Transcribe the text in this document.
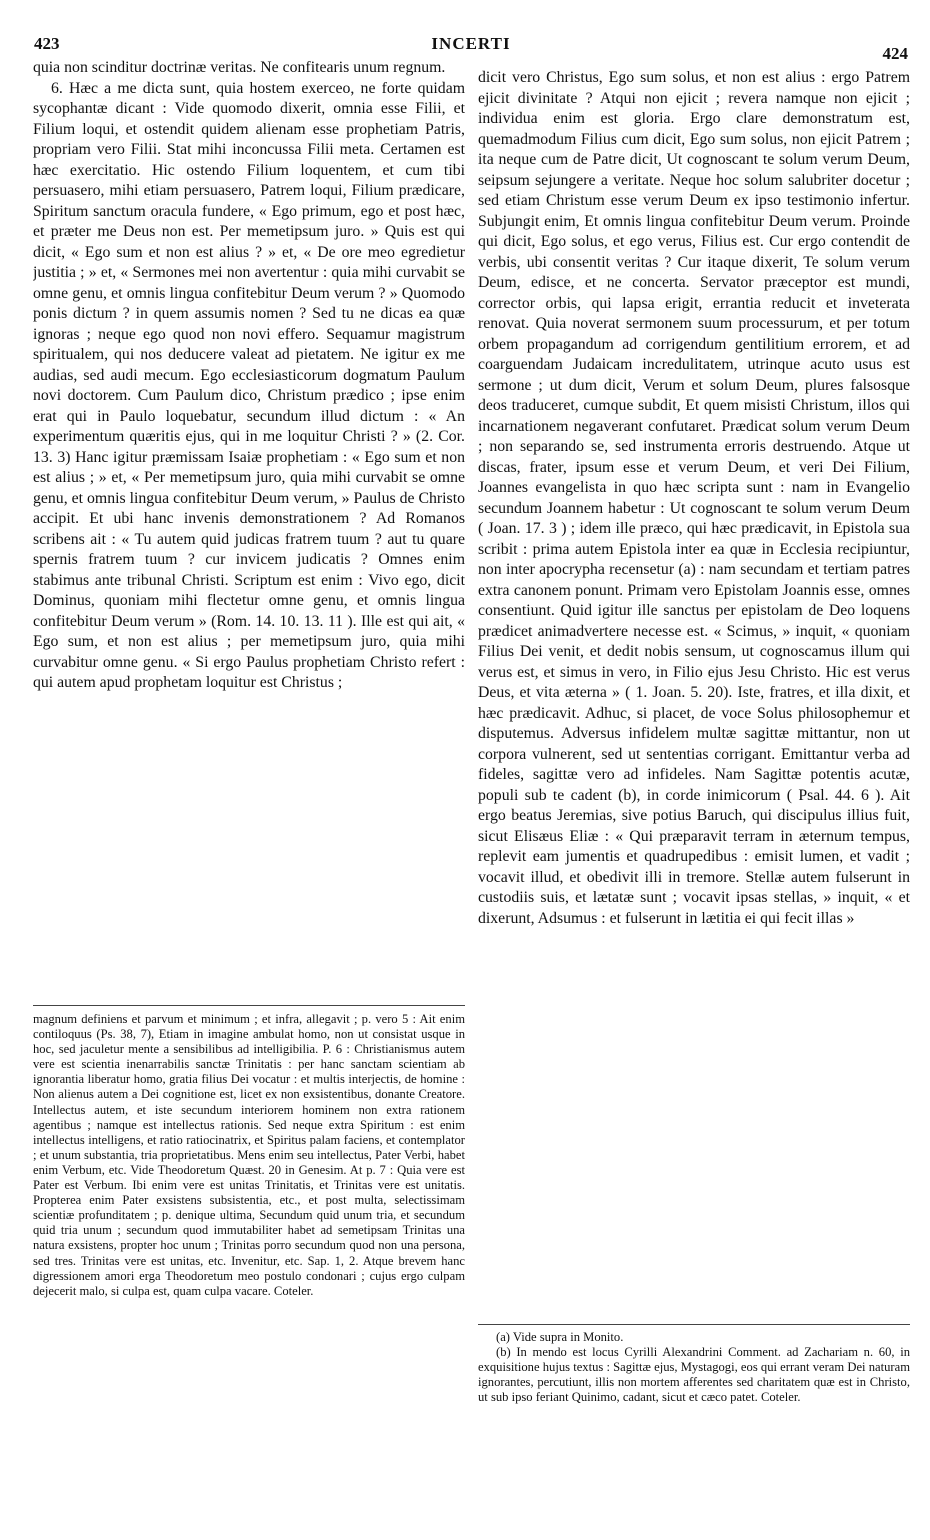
423	INCERTI
424

quia non scinditur doctrinæ veritas. Ne confitearis unum regnum.

6. Hæc a me dicta sunt, quia hostem exerceo, ne forte quidam sycophantæ dicant : Vide quomodo dixerit, omnia esse Filii, et Filium loqui, et ostendit quidem alienam esse prophetiam Patris, propriam vero Filii. Stat mihi inconcussa Filii meta. Certamen est hæc exercitatio. Hic ostendo Filium loquentem, et cum tibi persuasero, mihi etiam persuasero, Patrem loqui, Filium prædicare, Spiritum sanctum oracula fundere, « Ego primum, ego et post hæc, et præter me Deus non est. Per memetipsum juro. » Quis est qui dicit, « Ego sum et non est alius ? » et, « De ore meo egredietur justitia ; » et, « Sermones mei non avertentur : quia mihi curvabit se omne genu, et omnis lingua confitebitur Deum verum ? » Quomodo ponis dictum ? in quem assumis nomen ? Sed tu ne dicas ea quæ ignoras ; neque ego quod non novi effero. Sequamur magistrum spiritualem, qui nos deducere valeat ad pietatem. Ne igitur ex me audias, sed audi mecum. Ego ecclesiasticorum dogmatum Paulum novi doctorem. Cum Paulum dico, Christum prædico ; ipse enim erat qui in Paulo loquebatur, secundum illud dictum : « An experimentum quæritis ejus, qui in me loquitur Christi ? » (2. Cor. 13. 3) Hanc igitur præmissam Isaiæ prophetiam : « Ego sum et non est alius ; » et, « Per memetipsum juro, quia mihi curvabit se omne genu, et omnis lingua confitebitur Deum verum, » Paulus de Christo accipit. Et ubi hanc invenis demonstrationem ? Ad Romanos scribens ait : « Tu autem quid judicas fratrem tuum ? aut tu quare spernis fratrem tuum ? cur invicem judicatis ? Omnes enim stabimus ante tribunal Christi. Scriptum est enim : Vivo ego, dicit Dominus, quoniam mihi flectetur omne genu, et omnis lingua confitebitur Deum verum » (Rom. 14. 10. 13. 11 ). Ille est qui ait, « Ego sum, et non est alius ; per memetipsum juro, quia mihi curvabitur omne genu. « Si ergo Paulus prophetiam Christo refert : qui autem apud prophetam loquitur est Christus ;

dicit vero Christus, Ego sum solus, et non est alius : ergo Patrem ejicit divinitate ? Atqui non ejicit ; revera namque non ejicit ; individua enim est gloria. Ergo clare demonstratum est, quemadmodum Filius cum dicit, Ego sum solus, non ejicit Patrem ; ita neque cum de Patre dicit, Ut cognoscant te solum verum Deum, seipsum sejungere a veritate. Neque hoc solum salubriter docetur ; sed etiam Christum esse verum Deum ex ipso testimonio infertur. Subjungit enim, Et omnis lingua confitebitur Deum verum. Proinde qui dicit, Ego solus, et ego verus, Filius est. Cur ergo contendit de verbis, ubi consentit veritas ? Cur itaque dixerit, Te solum verum Deum, edisce, et ne concerta. Servator præceptor est mundi, corrector orbis, qui lapsa erigit, errantia reducit et inveterata renovat. Quia noverat sermonem suum processurum, et per totum orbem propagandum ad corrigendum gentilitium errorem, et ad coarguendam Judaicam incredulitatem, utrinque acuto usus est sermone ; ut dum dicit, Verum et solum Deum, plures falsosque deos traduceret, cumque subdit, Et quem misisti Christum, illos qui incarnationem negaverant confutaret. Prædicat solum verum Deum ; non separando se, sed instrumenta erroris destruendo. Atque ut discas, frater, ipsum esse et verum Deum, et veri Dei Filium, Joannes evangelista in quo hæc scripta sunt : nam in Evangelio secundum Joannem habetur : Ut cognoscant te solum verum Deum ( Joan. 17. 3 ) ; idem ille præco, qui hæc prædicavit, in Epistola sua scribit : prima autem Epistola inter ea quæ in Ecclesia recipiuntur, non inter apocrypha recensetur (a) : nam secundam et tertiam patres extra canonem ponunt. Primam vero Epistolam Joannis esse, omnes consentiunt. Quid igitur ille sanctus per epistolam de Deo loquens prædicet animadvertere necesse est. « Scimus, » inquit, « quoniam Filius Dei venit, et dedit nobis sensum, ut cognoscamus illum qui verus est, et simus in vero, in Filio ejus Jesu Christo. Hic est verus Deus, et vita æterna » ( 1. Joan. 5. 20). Iste, fratres, et illa dixit, et hæc prædicavit. Adhuc, si placet, de voce Solus philosophemur et disputemus. Adversus infidelem multæ sagittæ mittantur, non ut corpora vulnerent, sed ut sententias corrigant. Emittantur verba ad fideles, sagittæ vero ad infideles. Nam Sagittæ potentis acutæ, populi sub te cadent (b), in corde inimicorum ( Psal. 44. 6 ). Ait ergo beatus Jeremias, sive potius Baruch, qui discipulus illius fuit, sicut Elisæus Eliæ : « Qui præparavit terram in æternum tempus, replevit eam jumentis et quadrupedibus : emisit lumen, et vadit ; vocavit illud, et obedivit illi in tremore. Stellæ autem fulserunt in custodiis suis, et lætatæ sunt ; vocavit ipsas stellas, » inquit, « et dixerunt, Adsumus : et fulserunt in lætitia ei qui fecit illas »

magnum definiens et parvum et minimum ; et infra, allegavit ; p. vero 5 : Ait enim contiloquus (Ps. 38, 7), Etiam in imagine ambulat homo, non ut consistat usque in hoc, sed jaculetur mente a sensibilibus ad intelligibilia. P. 6 : Christianismus autem vere est scientia inenarrabilis sanctæ Trinitatis : per hanc sanctam scientiam ab ignorantia liberatur homo, gratia filius Dei vocatur : et multis interjectis, de homine : Non alienus autem a Dei cognitione est, licet ex non exsistentibus, donante Creatore. Intellectus autem, et iste secundum interiorem hominem non extra rationem agentibus ; namque est intellectus rationis. Sed neque extra Spiritum : est enim intellectus intelligens, et ratio ratiocinatrix, et Spiritus palam faciens, et contemplator ; et unum substantia, tria proprietatibus. Mens enim seu intellectus, Pater Verbi, habet enim Verbum, etc. Vide Theodoretum Quæst. 20 in Genesim. At p. 7 : Quia vere est Pater est Verbum. Ibi enim vere est unitas Trinitatis, et Trinitas vere est unitatis. Propterea enim Pater exsistens subsistentia, etc., et post multa, selectissimam scientiæ profunditatem ; p. denique ultima, Secundum quid unum tria, et secundum quid tria unum ; secundum quod immutabiliter habet ad semetipsam Trinitas una natura exsistens, propter hoc unum ; Trinitas porro secundum quod non una persona, sed tres. Trinitas vere est unitas, etc. Invenitur, etc. Sap. 1, 2. Atque brevem hanc digressionem amori erga Theodoretum meo postulo condonari ; cujus ergo culpam dejecerit malo, si culpa est, quam culpa vacare. Coteler.

(a) Vide supra in Monito.

(b) In mendo est locus Cyrilli Alexandrini Comment. ad Zachariam n. 60, in exquisitione hujus textus : Sagittæ ejus, Mystagogi, eos qui errant veram Dei naturam ignorantes, percutiunt, illis non mortem afferentes sed charitatem quæ est in Christo, ut sub ipso feriant Quinimo, cadant, sicut et cæco patet. Coteler.
